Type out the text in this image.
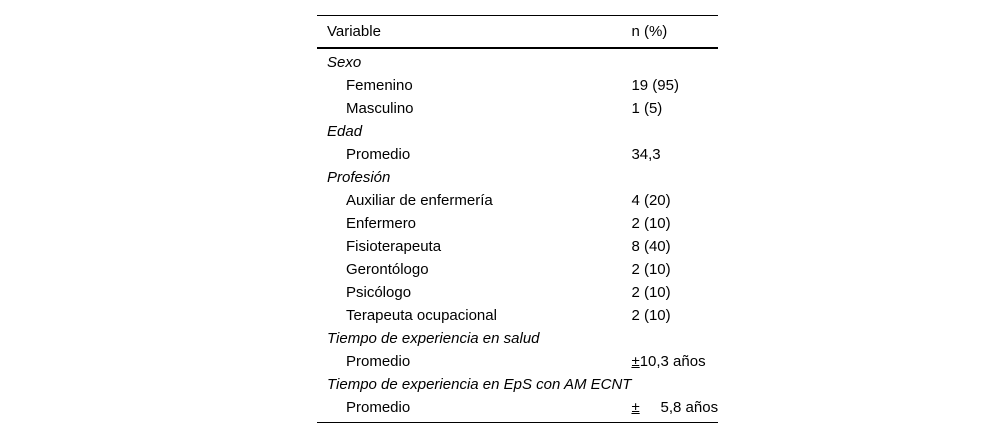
Variable	n (%)
Sexo	
Femenino	19 (95)
Masculino	1 (5)
Edad	
Promedio	34,3
Profesión	
Auxiliar de enfermería	4 (20)
Enfermero	2 (10)
Fisioterapeuta	8 (40)
Gerontólogo	2 (10)
Psicólogo	2 (10)
Terapeuta ocupacional	2 (10)
Tiempo de experiencia en salud	
Promedio	±10,3 años
Tiempo de experiencia en EpS con AM ECNT	
Promedio	± 5,8 años
